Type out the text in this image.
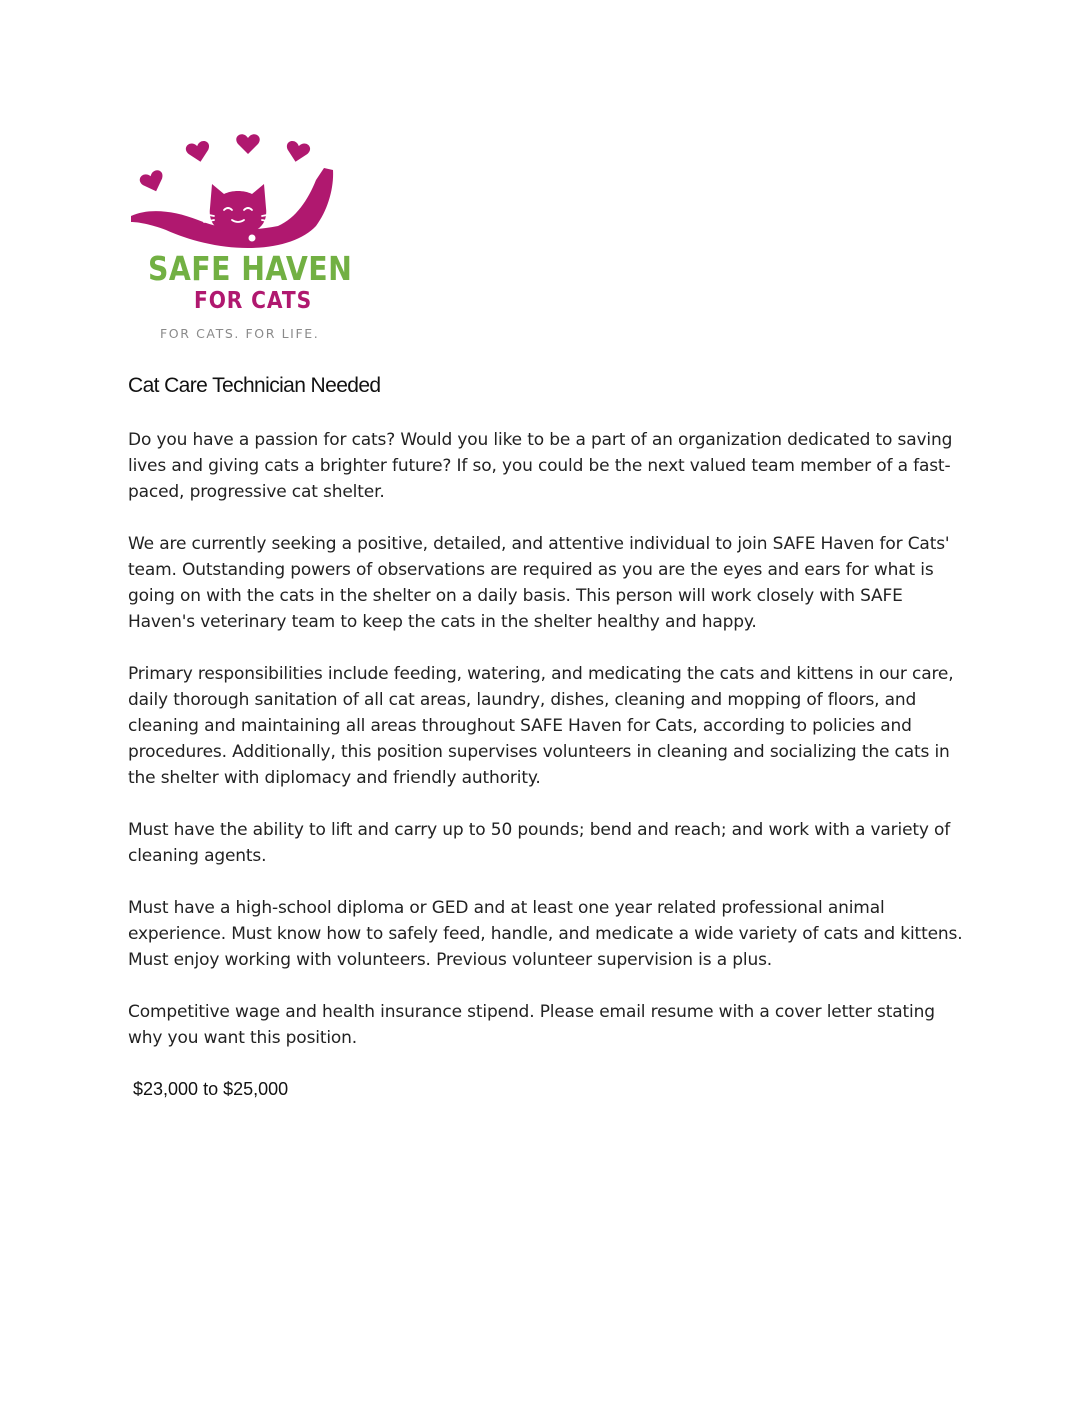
SAFE HAVEN
FOR CATS
FOR CATS. FOR LIFE.
Cat Care Technician Needed

Do you have a passion for cats? Would you like to be a part of an organization dedicated to saving lives and giving cats a brighter future? If so, you could be the next valued team member of a fast-paced, progressive cat shelter.

We are currently seeking a positive, detailed, and attentive individual to join SAFE Haven for Cats' team. Outstanding powers of observations are required as you are the eyes and ears for what is going on with the cats in the shelter on a daily basis. This person will work closely with SAFE Haven's veterinary team to keep the cats in the shelter healthy and happy.

Primary responsibilities include feeding, watering, and medicating the cats and kittens in our care, daily thorough sanitation of all cat areas, laundry, dishes, cleaning and mopping of floors, and cleaning and maintaining all areas throughout SAFE Haven for Cats, according to policies and procedures. Additionally, this position supervises volunteers in cleaning and socializing the cats in the shelter with diplomacy and friendly authority.

Must have the ability to lift and carry up to 50 pounds; bend and reach; and work with a variety of cleaning agents.

Must have a high-school diploma or GED and at least one year related professional animal experience. Must know how to safely feed, handle, and medicate a wide variety of cats and kittens. Must enjoy working with volunteers. Previous volunteer supervision is a plus.

Competitive wage and health insurance stipend. Please email resume with a cover letter stating why you want this position.

$23,000 to $25,000
